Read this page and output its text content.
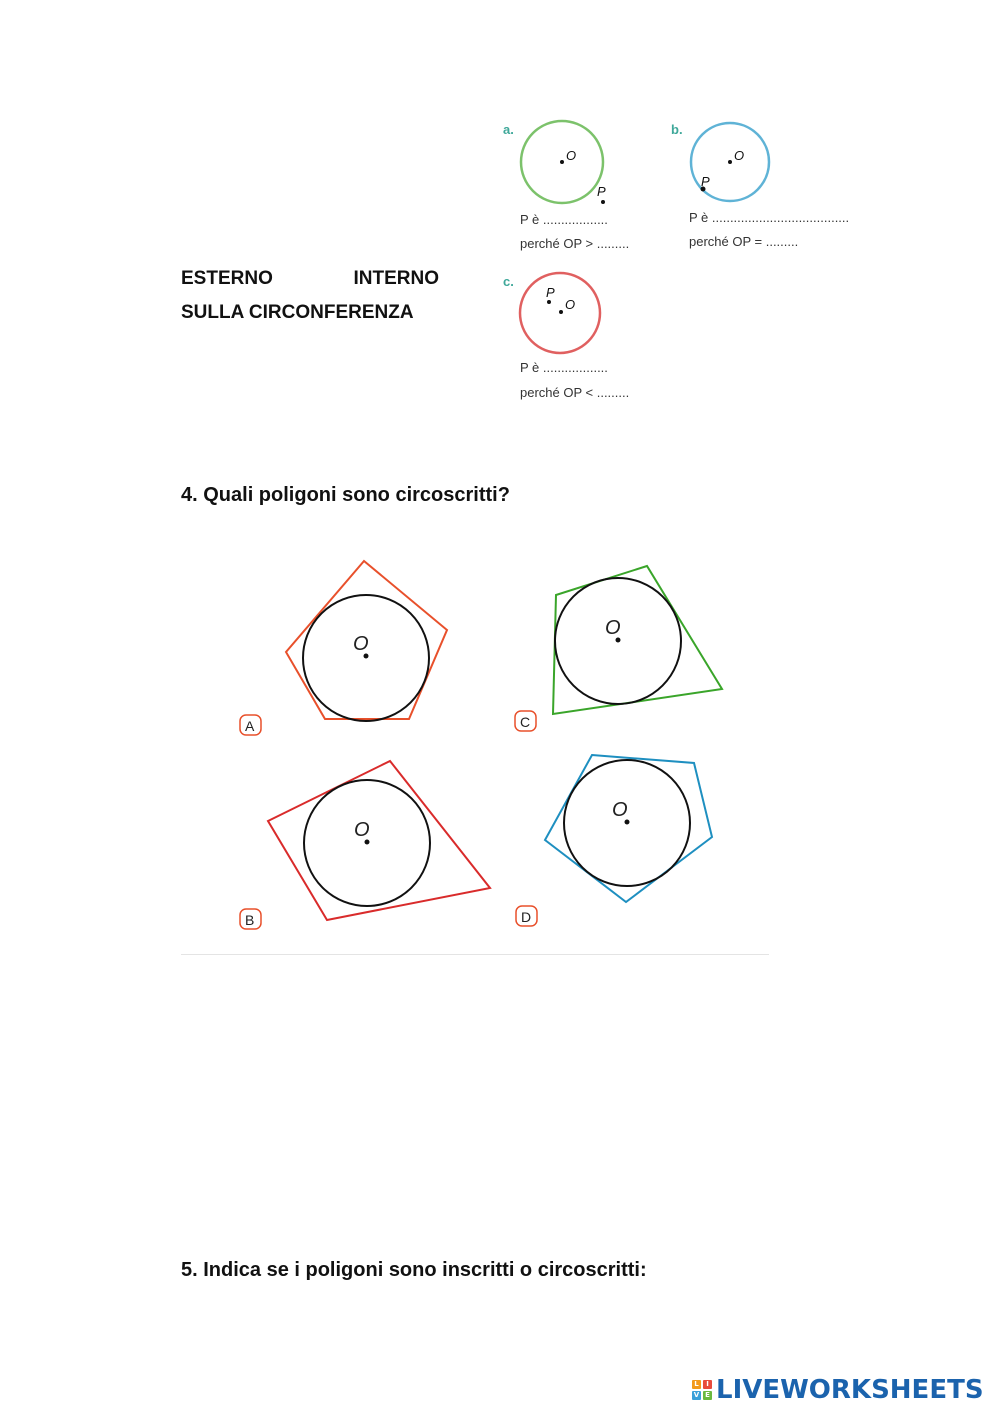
ESTERNO	INTERNO
SULLA CIRCONFERENZA
a.
O
P
P è ..................
perché OP > .........
b.
O
P
P è ......................................
perché OP = .........
c.
O
P
P è ..................
perché OP < .........
O
A
O
B
O
C
O
D
4. Quali poligoni sono circoscritti?
5. Indica se i poligoni sono inscritti o circoscritti:
L	I
V E LIVEWORKSHEETS
